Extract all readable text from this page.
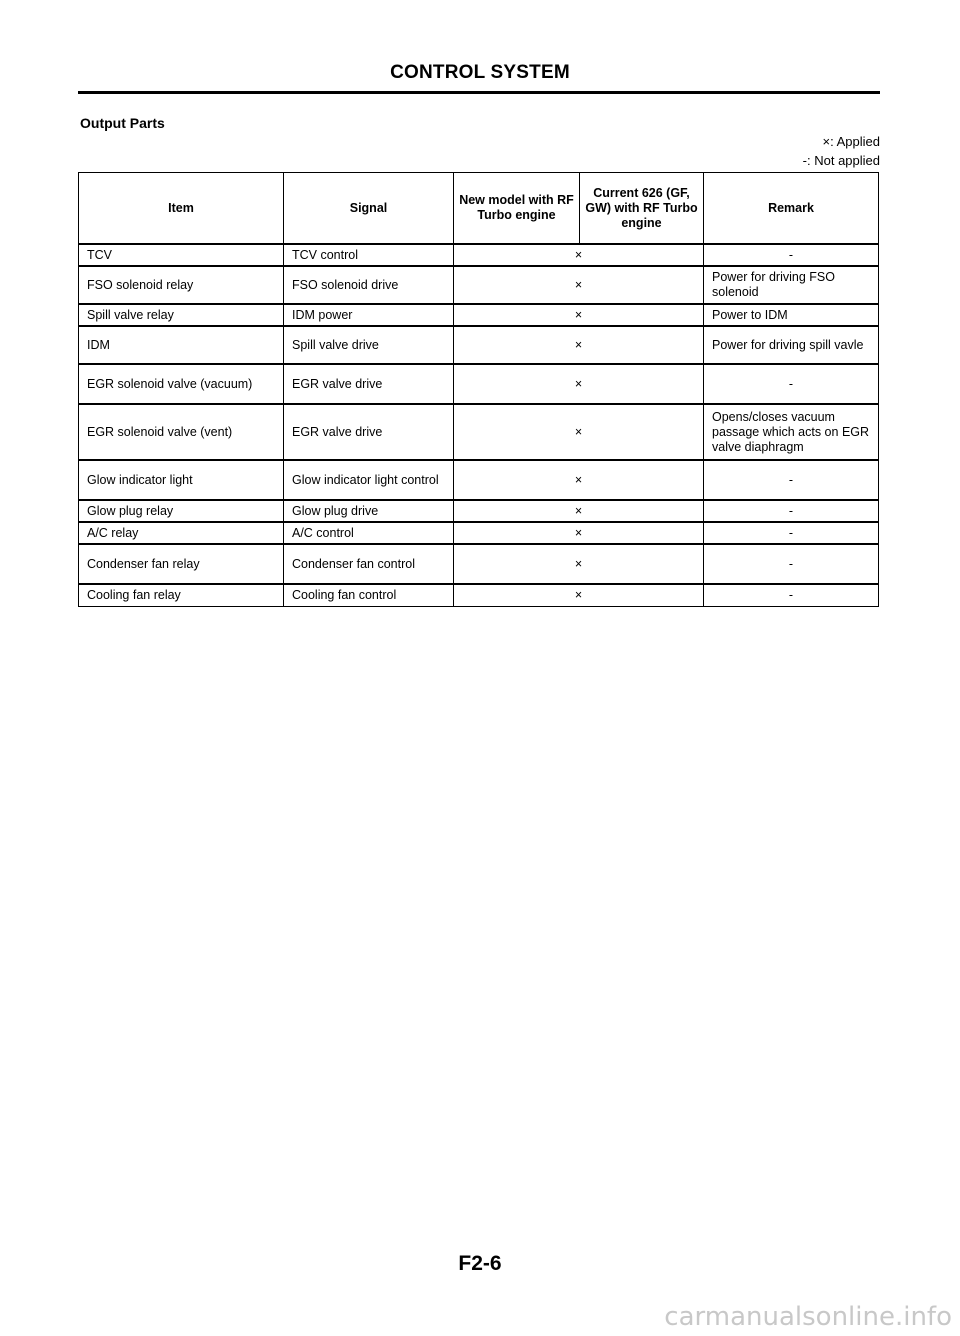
CONTROL SYSTEM
Output Parts
×: Applied
-: Not applied
Item	Signal	New model with RF Turbo engine	Current 626 (GF, GW) with RF Turbo engine	Remark
TCV	TCV control	×		-
FSO solenoid relay	FSO solenoid drive	×		Power for driving FSO solenoid
Spill valve relay	IDM power	×		Power to IDM
IDM	Spill valve drive	×		Power for driving spill vavle
EGR solenoid valve (vacuum)	EGR valve drive	×		-
EGR solenoid valve (vent)	EGR valve drive	×		Opens/closes vacuum passage which acts on EGR valve diaphragm
Glow indicator light	Glow indicator light control	×		-
Glow plug relay	Glow plug drive	×		-
A/C relay	A/C control	×		-
Condenser fan relay	Condenser fan control	×		-
Cooling fan relay	Cooling fan control	×		-
F2-6
carmanualsonline.info
